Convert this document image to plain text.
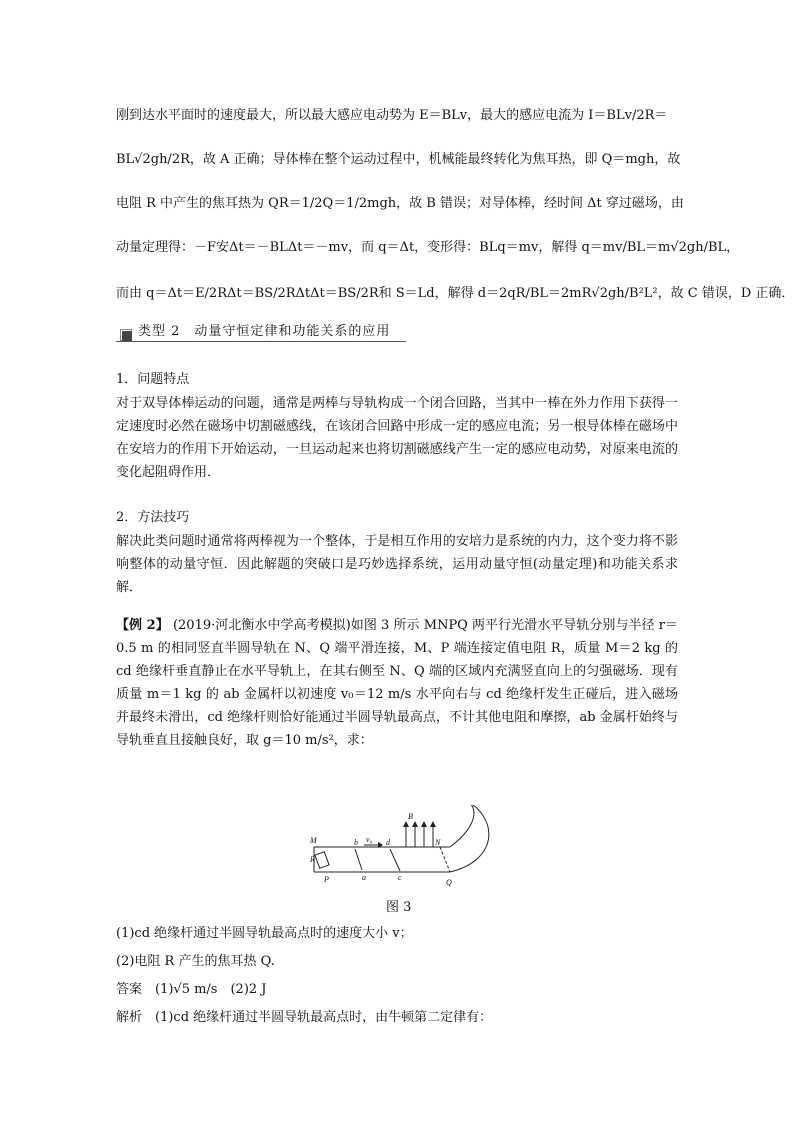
刚到达水平面时的速度最大，所以最大感应电动势为 E＝BLv，最大的感应电流为 I＝BLv/2R＝
BL√2gh/2R，故 A 正确；导体棒在整个运动过程中，机械能最终转化为焦耳热，即 Q＝mgh，故
电阻 R 中产生的焦耳热为 QR＝1/2Q＝1/2mgh，故 B 错误；对导体棒，经时间 Δt 穿过磁场，由
动量定理得：－F安Δt＝－BLΔt＝－mv，而 q＝Δt，变形得：BLq＝mv，解得 q＝mv/BL＝m√2gh/BL，
而由 q＝Δt＝E/2RΔt＝BS/2RΔtΔt＝BS/2R和 S＝Ld，解得 d＝2qR/BL＝2mR√2gh/B²L²，故 C 错误，D 正确．
类型 2　动量守恒定律和功能关系的应用
1．问题特点
对于双导体棒运动的问题，通常是两棒与导轨构成一个闭合回路，当其中一棒在外力作用下获得一定速度时必然在磁场中切割磁感线，在该闭合回路中形成一定的感应电流；另一根导体棒在磁场中在安培力的作用下开始运动，一旦运动起来也将切割磁感线产生一定的感应电动势，对原来电流的变化起阻碍作用．
2．方法技巧
解决此类问题时通常将两棒视为一个整体，于是相互作用的安培力是系统的内力，这个变力将不影响整体的动量守恒．因此解题的突破口是巧妙选择系统，运用动量守恒(动量定理)和功能关系求解．
【例 2】 (2019·河北衡水中学高考模拟)如图 3 所示 MNPQ 两平行光滑水平导轨分别与半径 r＝0.5 m 的相同竖直半圆导轨在 N、Q 端平滑连接，M、P 端连接定值电阻 R，质量 M＝2 kg 的 cd 绝缘杆垂直静止在水平导轨上，在其右侧至 N、Q 端的区域内充满竖直向上的匀强磁场．现有质量 m＝1 kg 的 ab 金属杆以初速度 v₀＝12 m/s 水平向右与 cd 绝缘杆发生正碰后，进入磁场并最终未滑出，cd 绝缘杆则恰好能通过半圆导轨最高点，不计其他电阻和摩擦，ab 金属杆始终与导轨垂直且接触良好，取 g＝10 m/s²，求：
M
R
P
b
a
v₀ d
c
B
N
Q
图 3
(1)cd 绝缘杆通过半圆导轨最高点时的速度大小 v；
(2)电阻 R 产生的焦耳热 Q.
答案　(1)√5 m/s　(2)2 J
解析　(1)cd 绝缘杆通过半圆导轨最高点时，由牛顿第二定律有：
